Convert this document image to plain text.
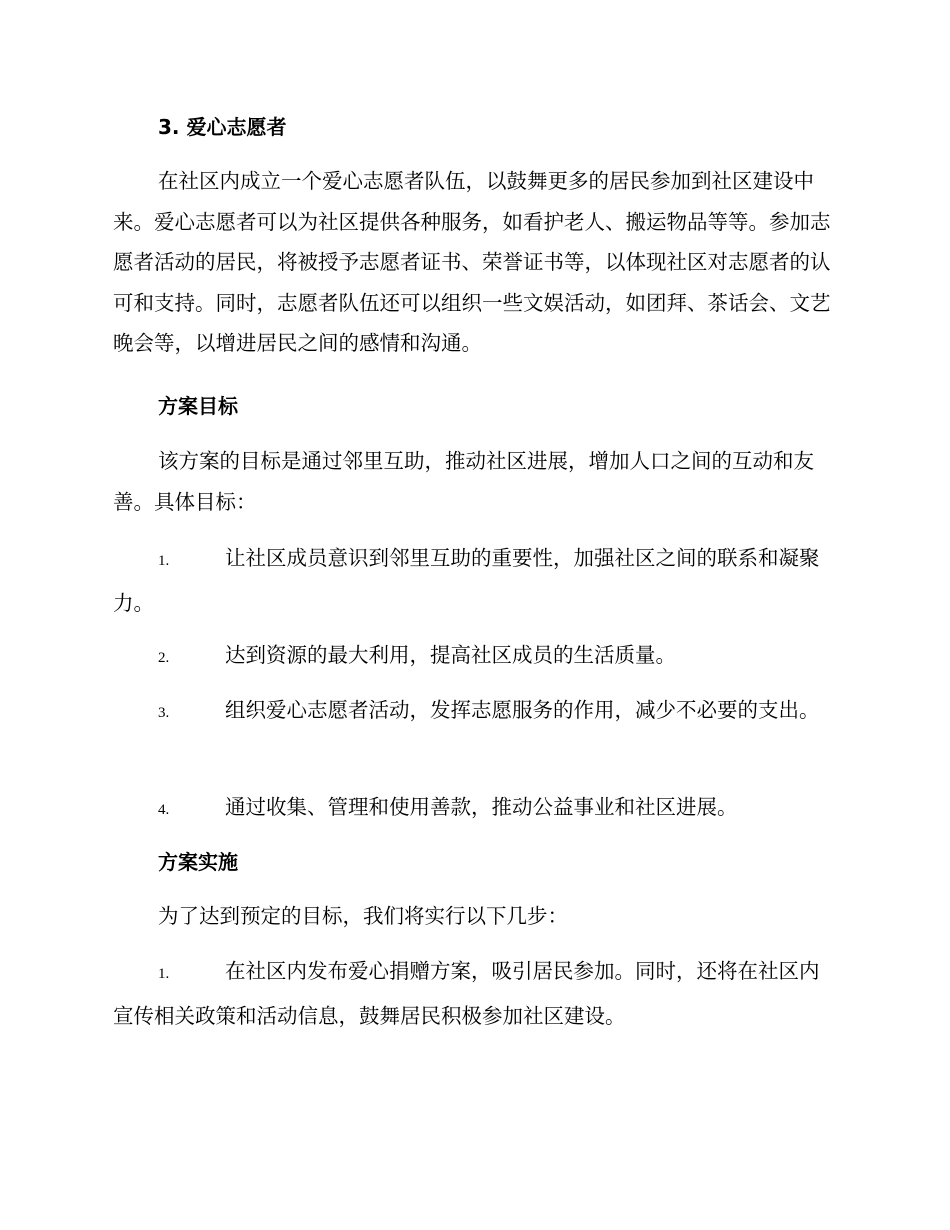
3. 爱心志愿者

在社区内成立一个爱心志愿者队伍，以鼓舞更多的居民参加到社区建设中来。爱心志愿者可以为社区提供各种服务，如看护老人、搬运物品等等。参加志愿者活动的居民，将被授予志愿者证书、荣誉证书等，以体现社区对志愿者的认可和支持。同时，志愿者队伍还可以组织一些文娱活动，如团拜、茶话会、文艺晚会等，以增进居民之间的感情和沟通。

方案目标

该方案的目标是通过邻里互助，推动社区进展，增加人口之间的互动和友善。具体目标：

1.	让社区成员意识到邻里互助的重要性，加强社区之间的联系和凝聚力。

2.	达到资源的最大利用，提高社区成员的生活质量。

3.	组织爱心志愿者活动，发挥志愿服务的作用，减少不必要的支出。

4.	通过收集、管理和使用善款，推动公益事业和社区进展。

方案实施

为了达到预定的目标，我们将实行以下几步：

1.	在社区内发布爱心捐赠方案，吸引居民参加。同时，还将在社区内宣传相关政策和活动信息，鼓舞居民积极参加社区建设。
